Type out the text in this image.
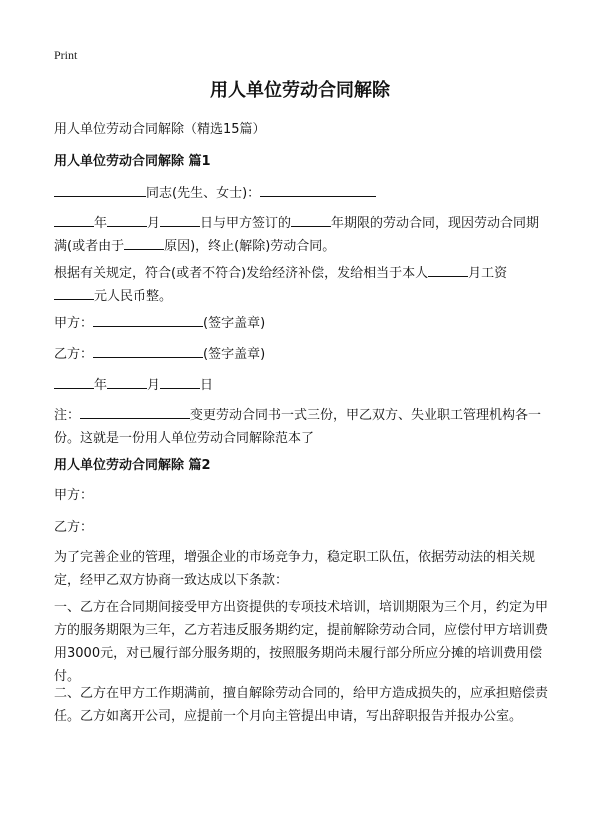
Print
用人单位劳动合同解除

用人单位劳动合同解除（精选15篇）

用人单位劳动合同解除 篇1

同志(先生、女士)：

年	月	日与甲方签订的	年期限的劳动合同，现因劳动合同期满(或者由于	原因)，终止(解除)劳动合同。

根据有关规定，符合(或者不符合)发给经济补偿，发给相当于本人	月工资
元人民币整。

甲方：	(签字盖章)

乙方：	(签字盖章)

年	月	日

注：	变更劳动合同书一式三份，甲乙双方、失业职工管理机构各一份。这就是一份用人单位劳动合同解除范本了

用人单位劳动合同解除 篇2

甲方：

乙方：

为了完善企业的管理，增强企业的市场竞争力，稳定职工队伍，依据劳动法的相关规定，经甲乙双方协商一致达成以下条款：

一、乙方在合同期间接受甲方出资提供的专项技术培训，培训期限为三个月，约定为甲方的服务期限为三年，乙方若违反服务期约定，提前解除劳动合同，应偿付甲方培训费用3000元，对已履行部分服务期的，按照服务期尚未履行部分所应分摊的培训费用偿付。

二、乙方在甲方工作期满前，擅自解除劳动合同的，给甲方造成损失的，应承担赔偿责任。乙方如离开公司，应提前一个月向主管提出申请，写出辞职报告并报办公室。
